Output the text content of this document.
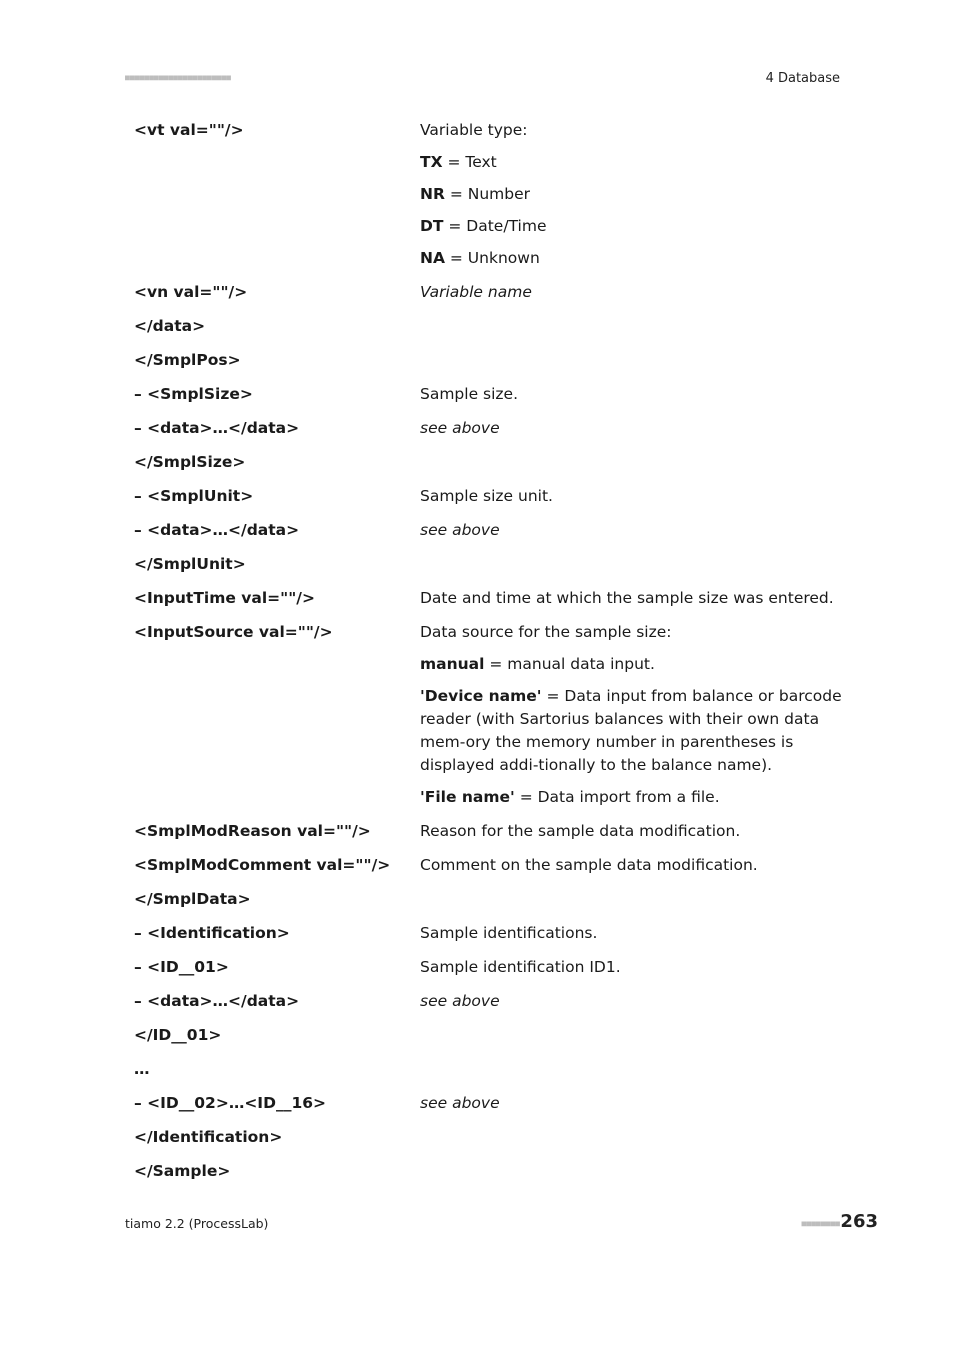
■■■■■■■■■■■■■■■■■■■■■■	4 Database
<vt val=""/>	Variable type:

TX = Text

NR = Number

DT = Date/Time

NA = Unknown

<vn val=""/>	Variable name

</data>

</SmplPos>

– <SmplSize>	Sample size.

– <data>…</data>	see above

</SmplSize>

– <SmplUnit>	Sample size unit.

– <data>…</data>	see above

</SmplUnit>

<InputTime val=""/>	Date and time at which the sample size was entered.

<InputSource val=""/>	Data source for the sample size:

manual = manual data input.

'Device name' = Data input from balance or barcode reader (with Sartorius balances with their own data mem-ory the memory number in parentheses is displayed addi-tionally to the balance name).

'File name' = Data import from a file.

<SmplModReason val=""/>	Reason for the sample data modification.

<SmplModComment val=""/>	Comment on the sample data modification.

</SmplData>

– <Identification>	Sample identifications.

– <ID__01>	Sample identification ID1.

– <data>…</data>	see above

</ID__01>

…

– <ID__02>…<ID__16>	see above

</Identification>

</Sample>

tiamo 2.2 (ProcessLab)	■■■■■■■■ 263
